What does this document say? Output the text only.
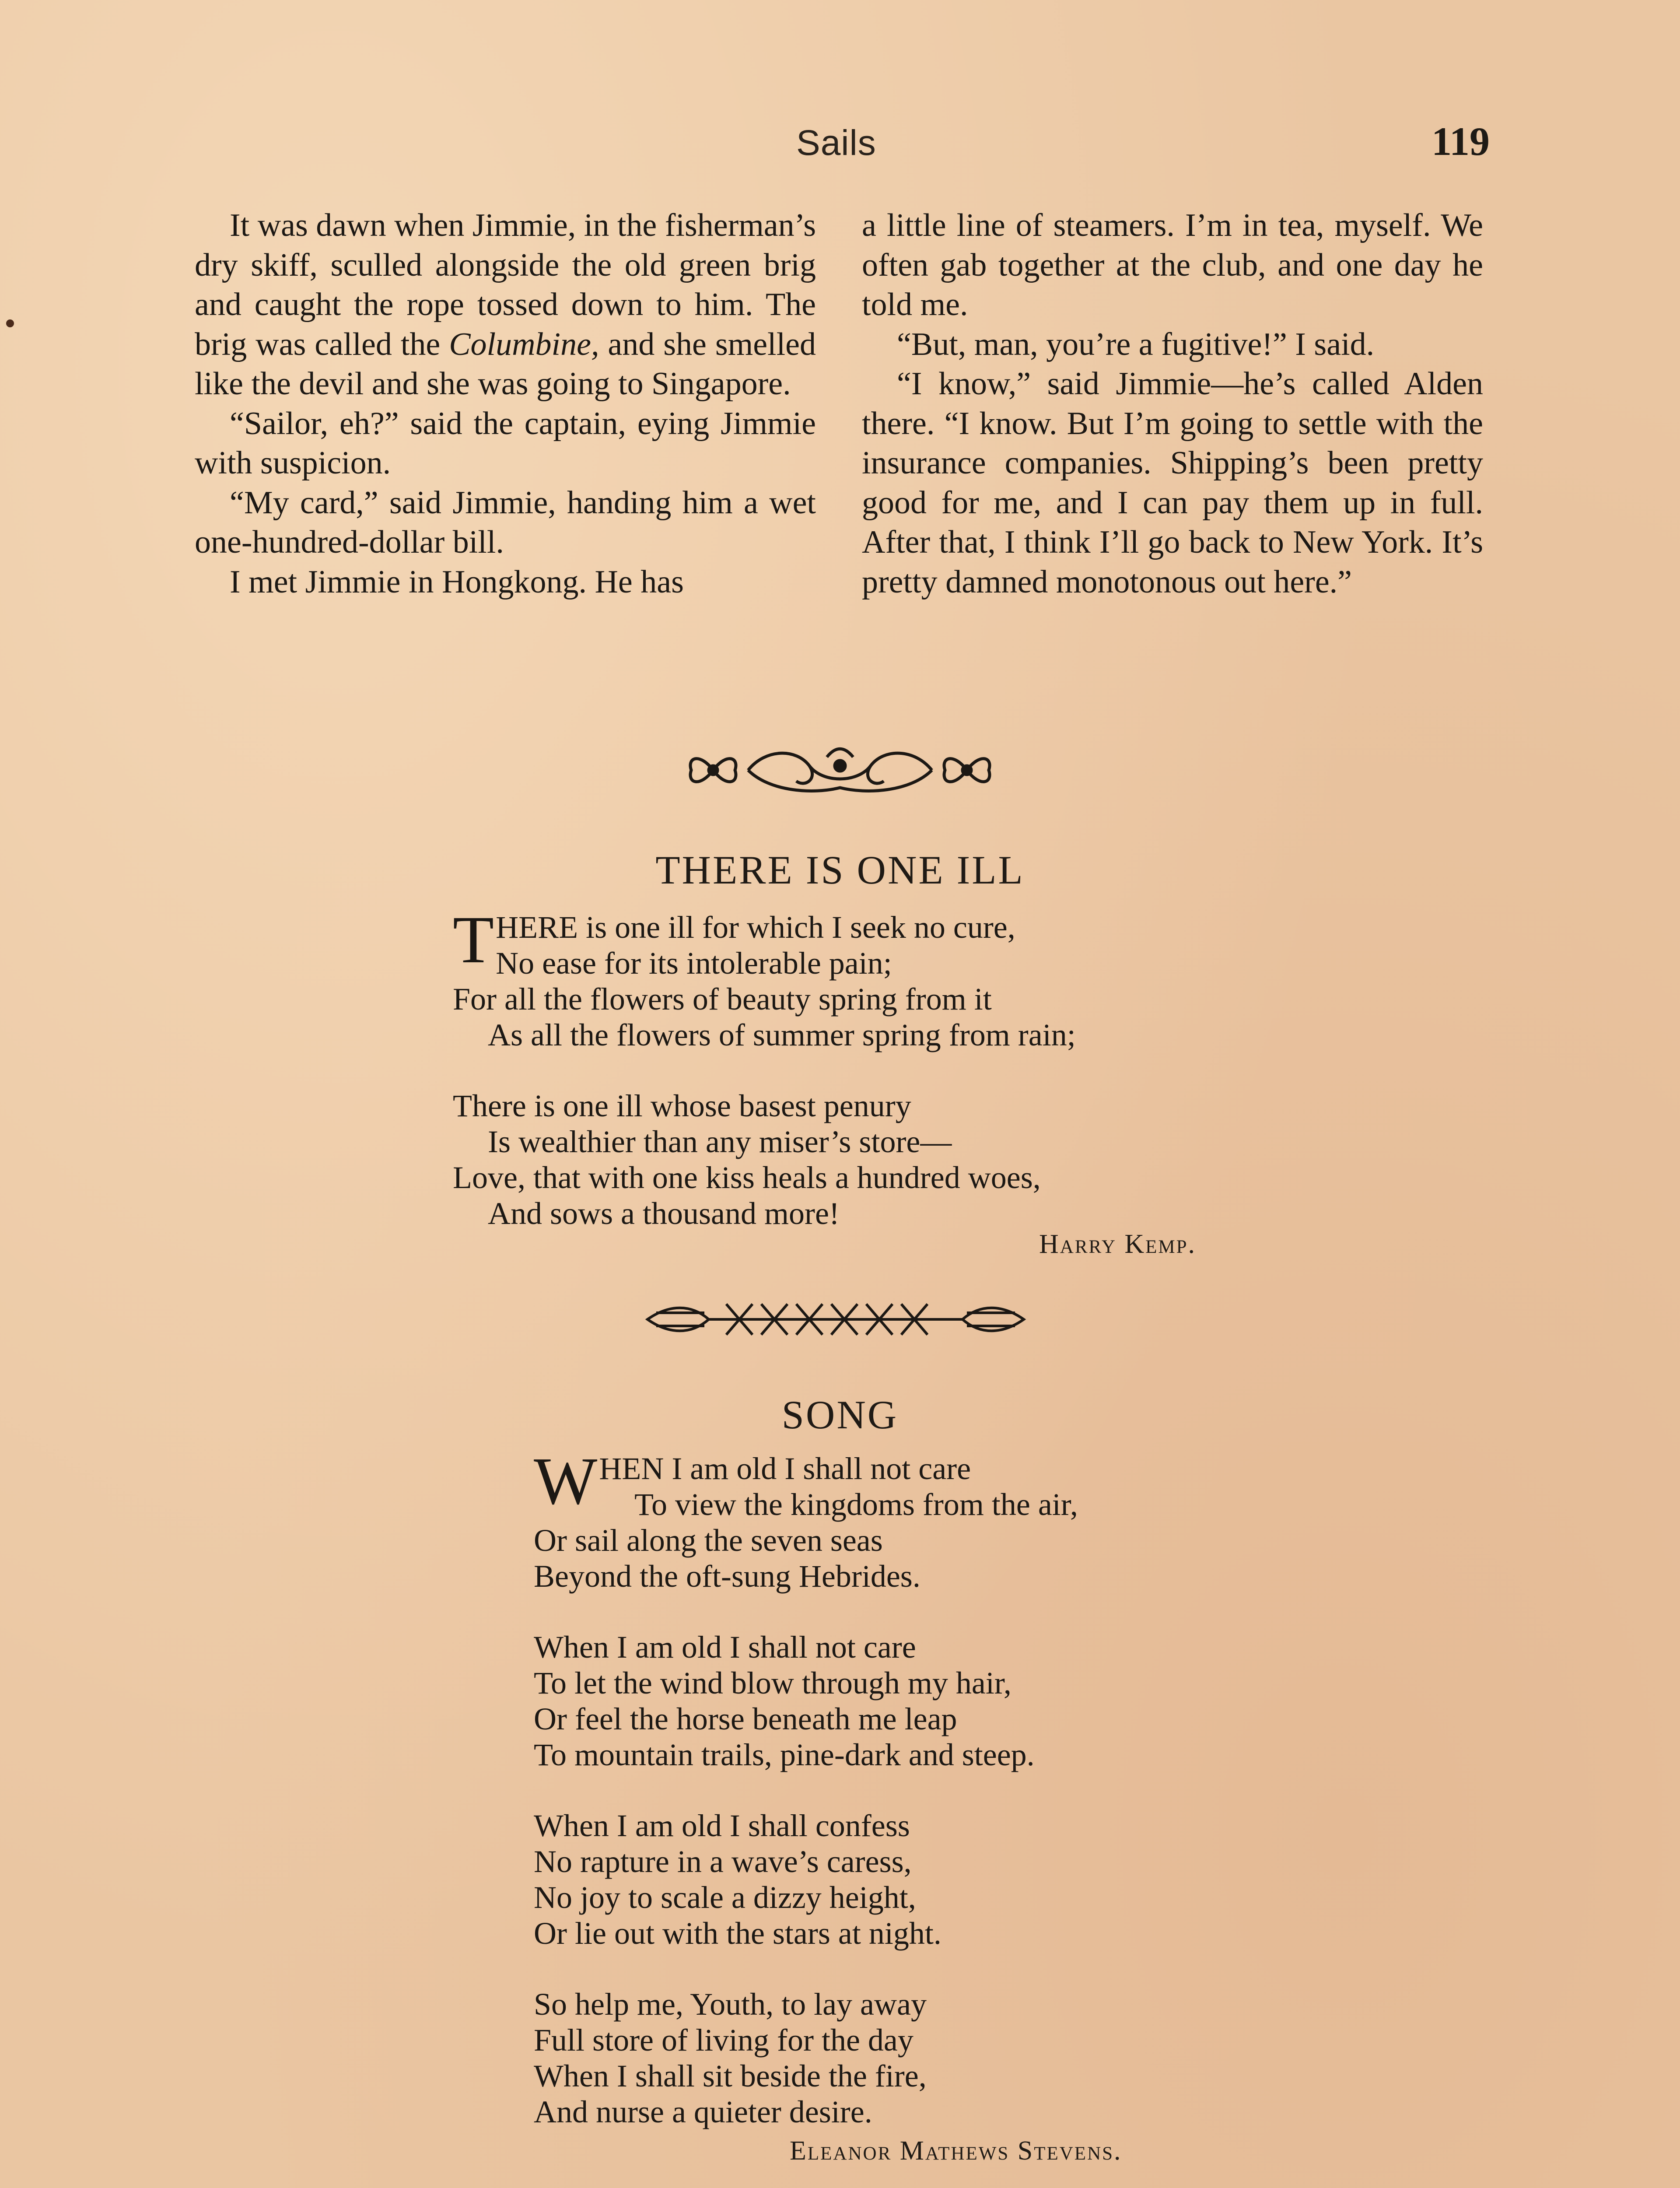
Sails	119

It was dawn when Jimmie, in the fisherman’s dry skiff, sculled alongside the old green brig and caught the rope tossed down to him. The brig was called the Columbine, and she smelled like the devil and she was going to Singapore.

“Sailor, eh?” said the captain, eying Jimmie with suspicion.

“My card,” said Jimmie, handing him a wet one-hundred-dollar bill.

I met Jimmie in Hongkong. He has

a little line of steamers. I’m in tea, myself. We often gab together at the club, and one day he told me.

“But, man, you’re a fugitive!” I said.

“I know,” said Jimmie—he’s called Alden there. “I know. But I’m going to settle with the insurance companies. Shipping’s been pretty good for me, and I can pay them up in full. After that, I think I’ll go back to New York. It’s pretty damned monotonous out here.”

THERE IS ONE ILL
T HERE is one ill for which I seek no cure,
No ease for its intolerable pain;
For all the flowers of beauty spring from it
As all the flowers of summer spring from rain;
There is one ill whose basest penury
Is wealthier than any miser’s store—
Love, that with one kiss heals a hundred woes,
And sows a thousand more!
Harry Kemp.
SONG
W HEN I am old I shall not care
To view the kingdoms from the air,
Or sail along the seven seas
Beyond the oft-sung Hebrides.
When I am old I shall not care
To let the wind blow through my hair,
Or feel the horse beneath me leap
To mountain trails, pine-dark and steep.
When I am old I shall confess
No rapture in a wave’s caress,
No joy to scale a dizzy height,
Or lie out with the stars at night.
So help me, Youth, to lay away
Full store of living for the day
When I shall sit beside the fire,
And nurse a quieter desire.
Eleanor Mathews Stevens.
